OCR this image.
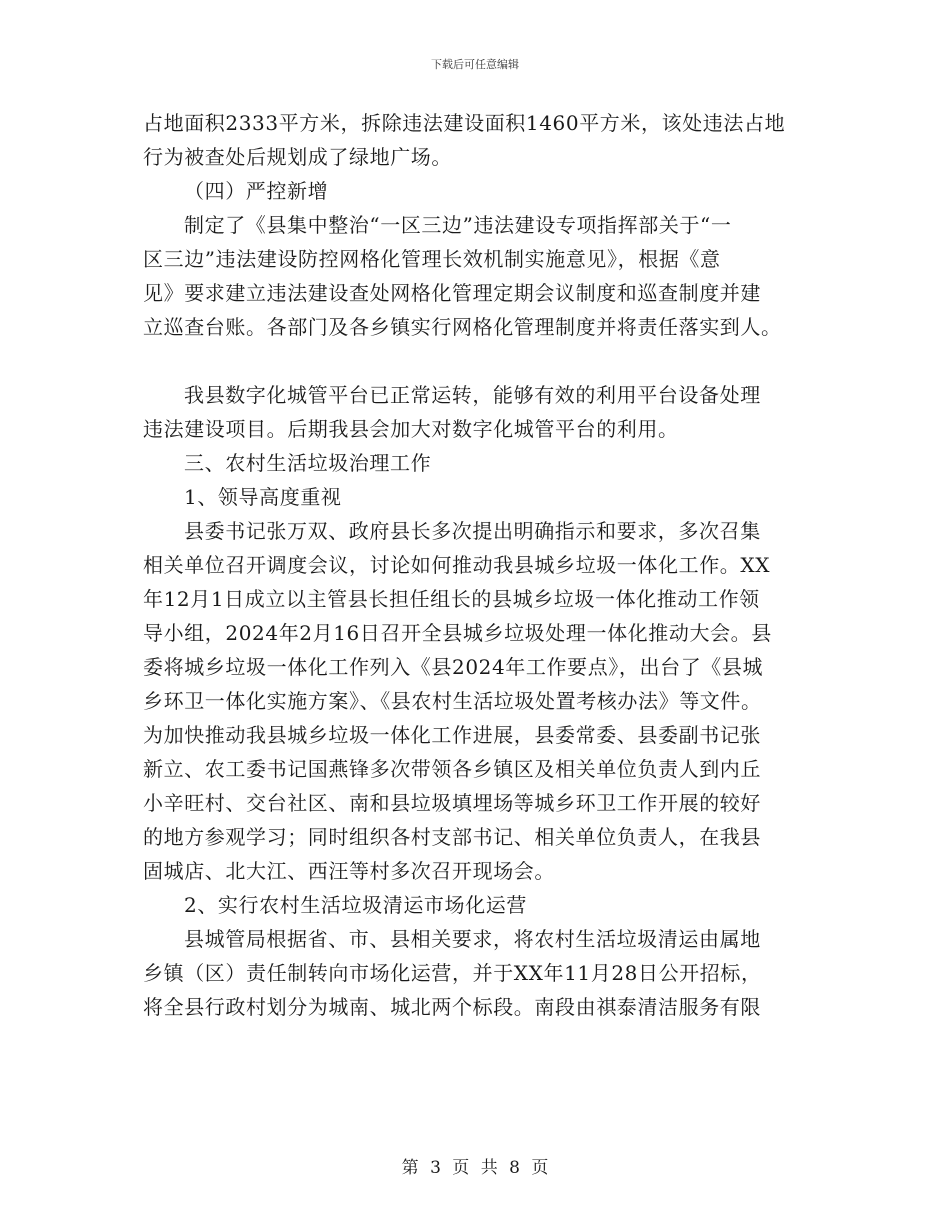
下载后可任意编辑
占地面积2333平方米，拆除违法建设面积1460平方米，该处违法占地
行为被查处后规划成了绿地广场。
（四）严控新增
制定了《县集中整治“一区三边”违法建设专项指挥部关于“一
区三边”违法建设防控网格化管理长效机制实施意见》，根据《意
见》要求建立违法建设查处网格化管理定期会议制度和巡查制度并建
立巡查台账。各部门及各乡镇实行网格化管理制度并将责任落实到人。
我县数字化城管平台已正常运转，能够有效的利用平台设备处理
违法建设项目。后期我县会加大对数字化城管平台的利用。
三、农村生活垃圾治理工作
1、领导高度重视
县委书记张万双、政府县长多次提出明确指示和要求，多次召集
相关单位召开调度会议，讨论如何推动我县城乡垃圾一体化工作。XX
年12月1日成立以主管县长担任组长的县城乡垃圾一体化推动工作领
导小组，2024年2月16日召开全县城乡垃圾处理一体化推动大会。县
委将城乡垃圾一体化工作列入《县2024年工作要点》，出台了《县城
乡环卫一体化实施方案》、《县农村生活垃圾处置考核办法》等文件。
为加快推动我县城乡垃圾一体化工作进展，县委常委、县委副书记张
新立、农工委书记国燕锋多次带领各乡镇区及相关单位负责人到内丘
小辛旺村、交台社区、南和县垃圾填埋场等城乡环卫工作开展的较好
的地方参观学习；同时组织各村支部书记、相关单位负责人，在我县
固城店、北大江、西汪等村多次召开现场会。
2、实行农村生活垃圾清运市场化运营
县城管局根据省、市、县相关要求，将农村生活垃圾清运由属地
乡镇（区）责任制转向市场化运营，并于XX年11月28日公开招标，
将全县行政村划分为城南、城北两个标段。南段由祺泰清洁服务有限
第 3 页 共 8 页
